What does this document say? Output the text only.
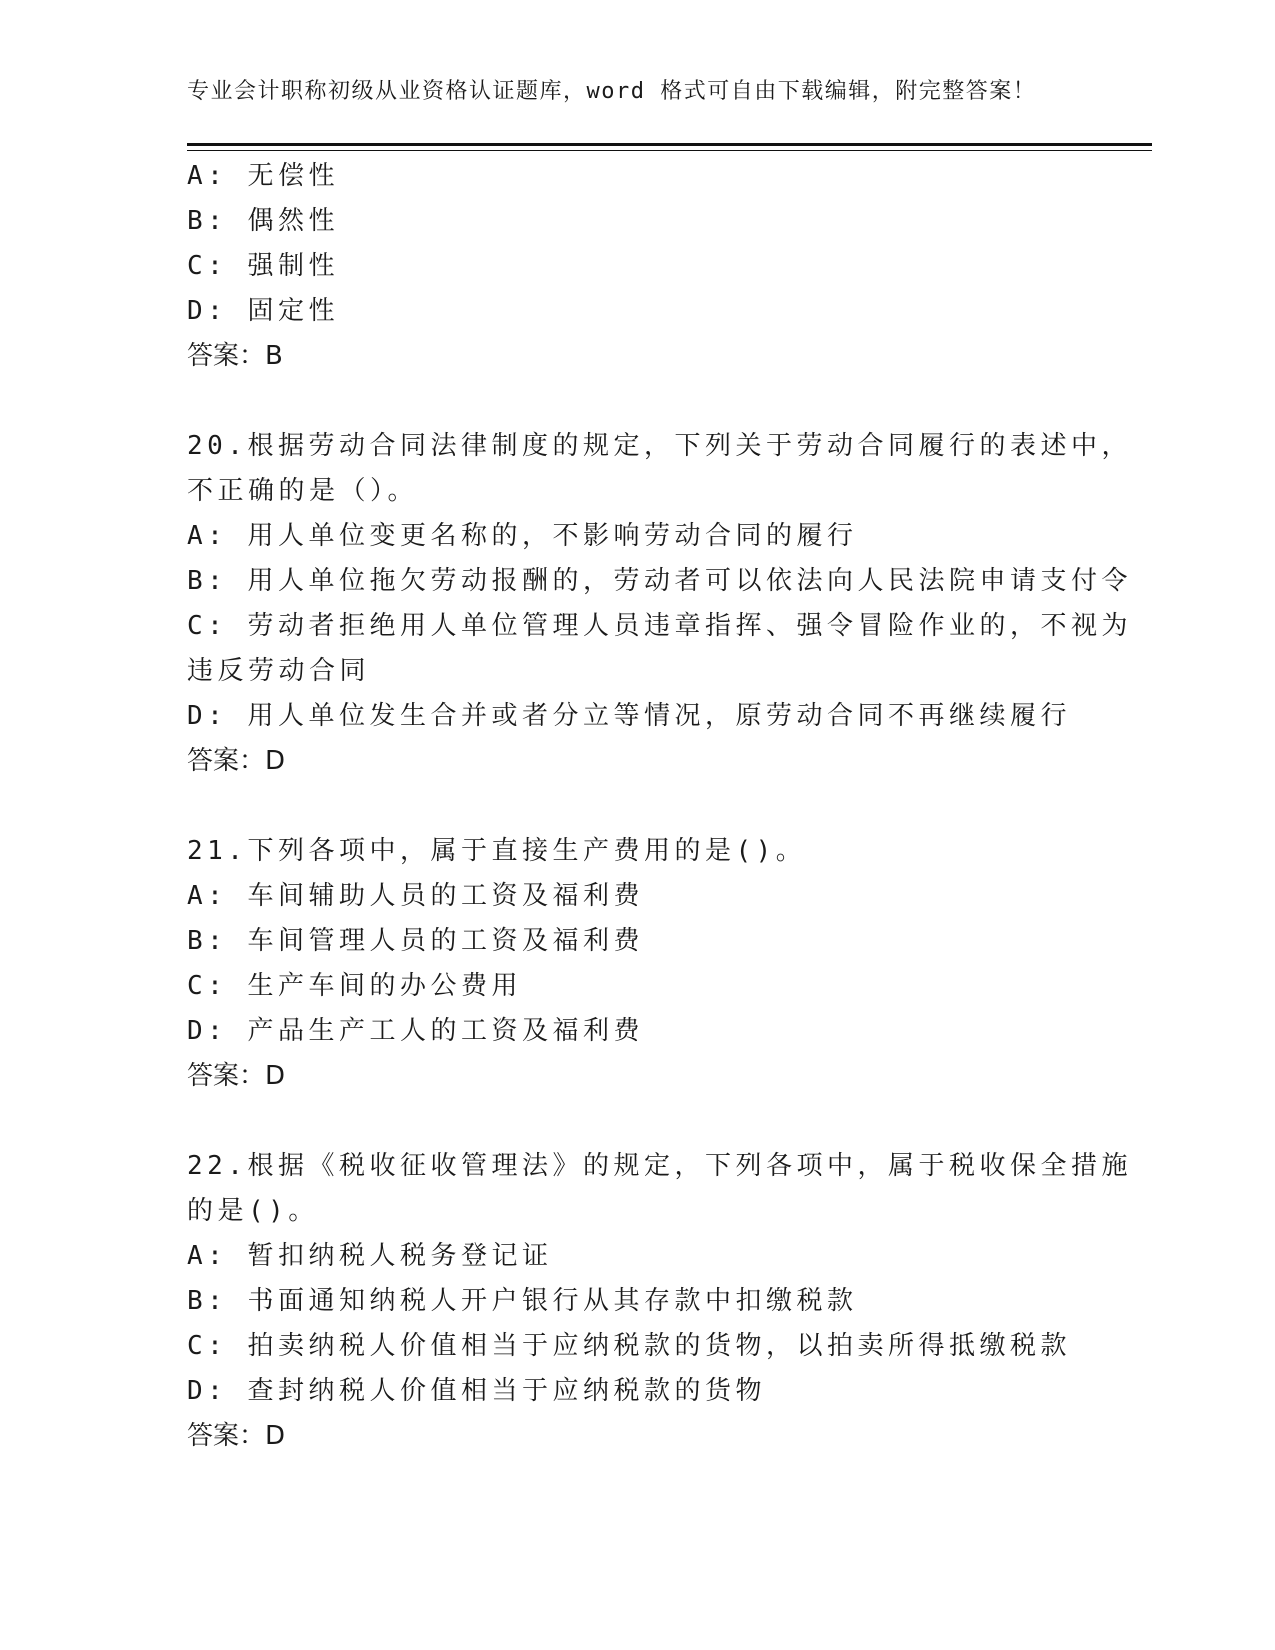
专业会计职称初级从业资格认证题库，word 格式可自由下载编辑，附完整答案！
A: 无偿性
B: 偶然性
C: 强制性
D: 固定性
答案：B
20.根据劳动合同法律制度的规定，下列关于劳动合同履行的表述中，
不正确的是（）。
A: 用人单位变更名称的，不影响劳动合同的履行
B: 用人单位拖欠劳动报酬的，劳动者可以依法向人民法院申请支付令
C: 劳动者拒绝用人单位管理人员违章指挥、强令冒险作业的，不视为
违反劳动合同
D: 用人单位发生合并或者分立等情况，原劳动合同不再继续履行
答案：D
21.下列各项中，属于直接生产费用的是()。
A: 车间辅助人员的工资及福利费
B: 车间管理人员的工资及福利费
C: 生产车间的办公费用
D: 产品生产工人的工资及福利费
答案：D
22.根据《税收征收管理法》的规定，下列各项中，属于税收保全措施
的是()。
A: 暂扣纳税人税务登记证
B: 书面通知纳税人开户银行从其存款中扣缴税款
C: 拍卖纳税人价值相当于应纳税款的货物，以拍卖所得抵缴税款
D: 查封纳税人价值相当于应纳税款的货物
答案：D
